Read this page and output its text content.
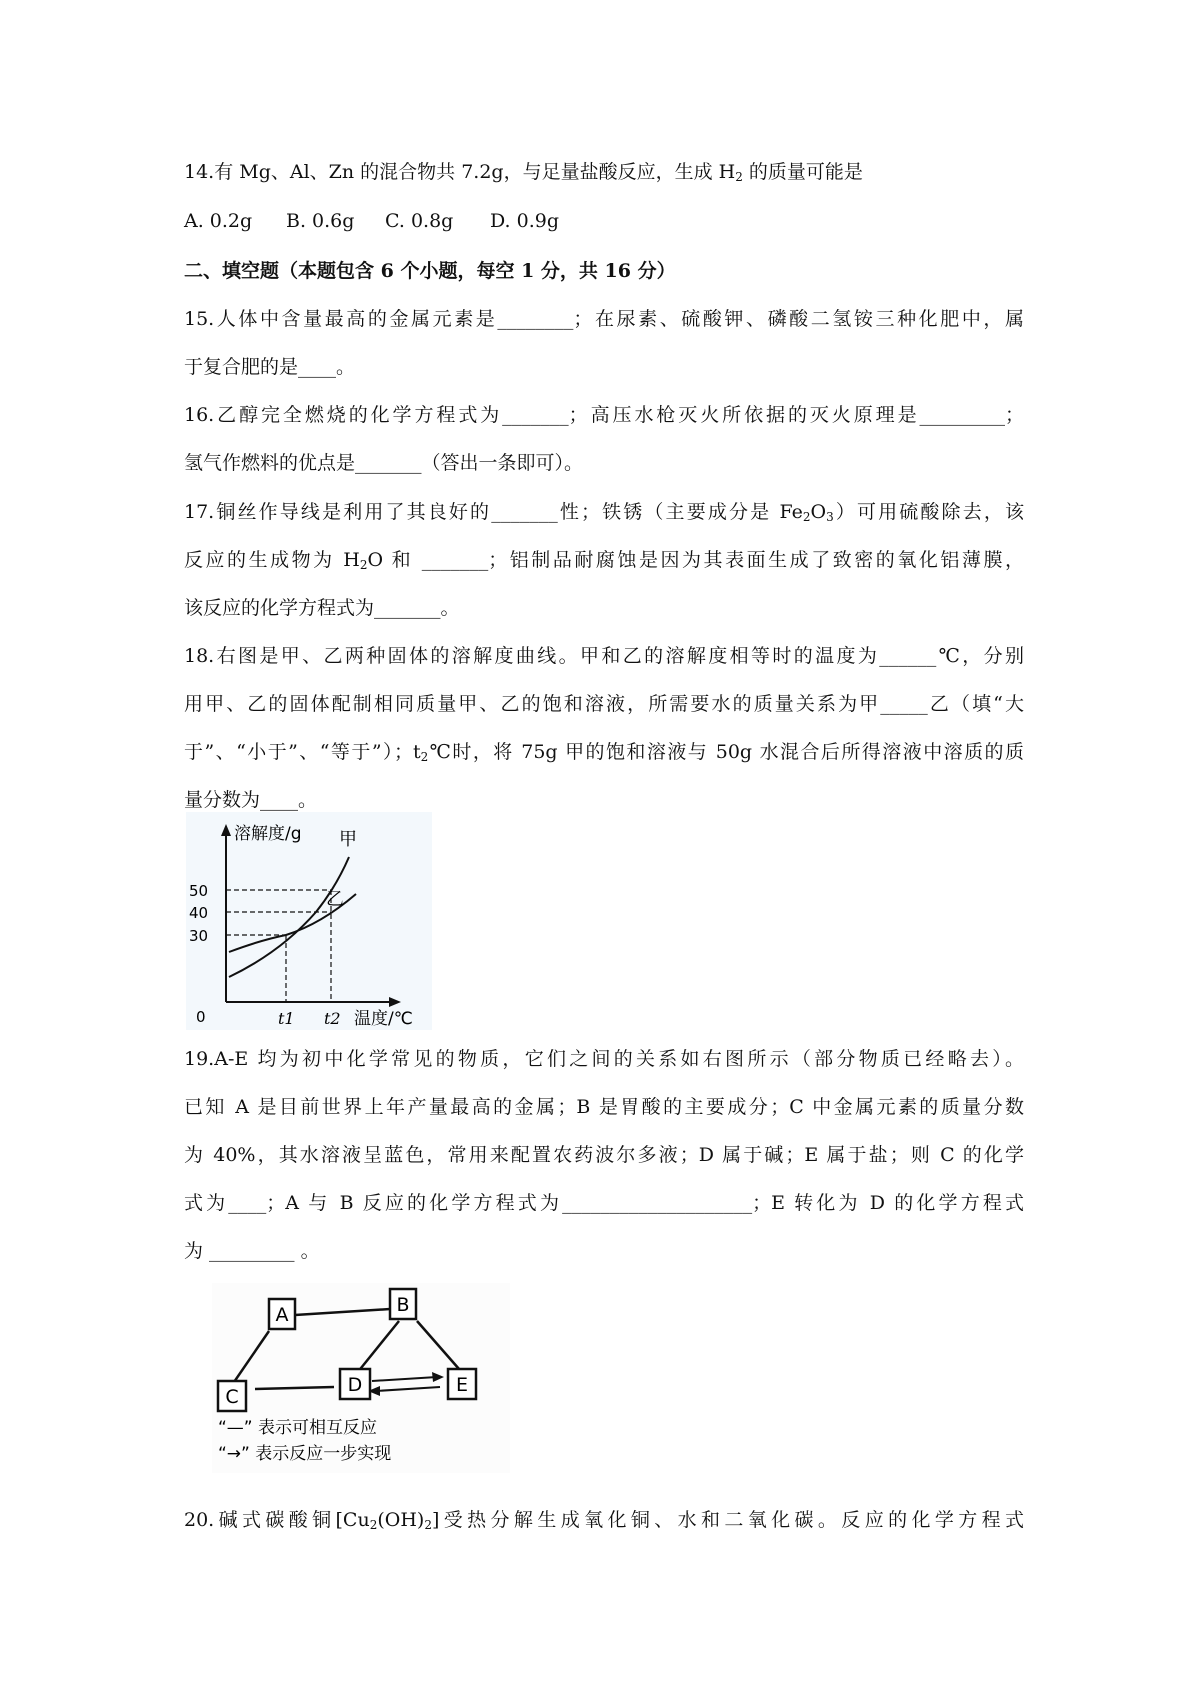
14.有 Mg、Al、Zn 的混合物共 7.2g，与足量盐酸反应，生成 $H_2$ 的质量可能是
A. 0.2g B. 0.6g C. 0.8g D. 0.9g
二、填空题（本题包含 6 个小题，每空 1 分，共 16 分）
15.人体中含量最高的金属元素是________；在尿素、硫酸钾、磷酸二氢铵三种化肥中，属
于复合肥的是____。
16.乙醇完全燃烧的化学方程式为_______；高压水枪灭火所依据的灭火原理是_________；
氢气作燃料的优点是_______（答出一条即可）。
17.铜丝作导线是利用了其良好的_______性；铁锈（主要成分是 $Fe_2O_3$）可用硫酸除去，该
反应的生成物为 $H_2O$ 和 _______；铝制品耐腐蚀是因为其表面生成了致密的氧化铝薄膜，
该反应的化学方程式为_______。
18.右图是甲、乙两种固体的溶解度曲线。甲和乙的溶解度相等时的温度为______℃，分别
用甲、乙的固体配制相同质量甲、乙的饱和溶液，所需要水的质量关系为甲_____乙（填“大
于”、“小于”、“等于”）；$t_2℃$时，将 75g 甲的饱和溶液与 50g 水混合后所得溶液中溶质的质
量分数为____。
溶解度/g 甲
乙
50
40
30
0	t1 t2 温度/℃
19.A-E 均为初中化学常见的物质，它们之间的关系如右图所示（部分物质已经略去）。
已知 A 是目前世界上年产量最高的金属；B 是胃酸的主要成分；C 中金属元素的质量分数
为 40%，其水溶液呈蓝色，常用来配置农药波尔多液；D 属于碱；E 属于盐；则 C 的化学
式为____；A 与 B 反应的化学方程式为____________________；E 转化为 D 的化学方程式
为 _________ 。
A	B
C
D	E
“—” 表示可相互反应
“→” 表示反应一步实现
20.碱式碳酸铜$[Cu_2(OH)_2]$受热分解生成氧化铜、水和二氧化碳。反应的化学方程式
